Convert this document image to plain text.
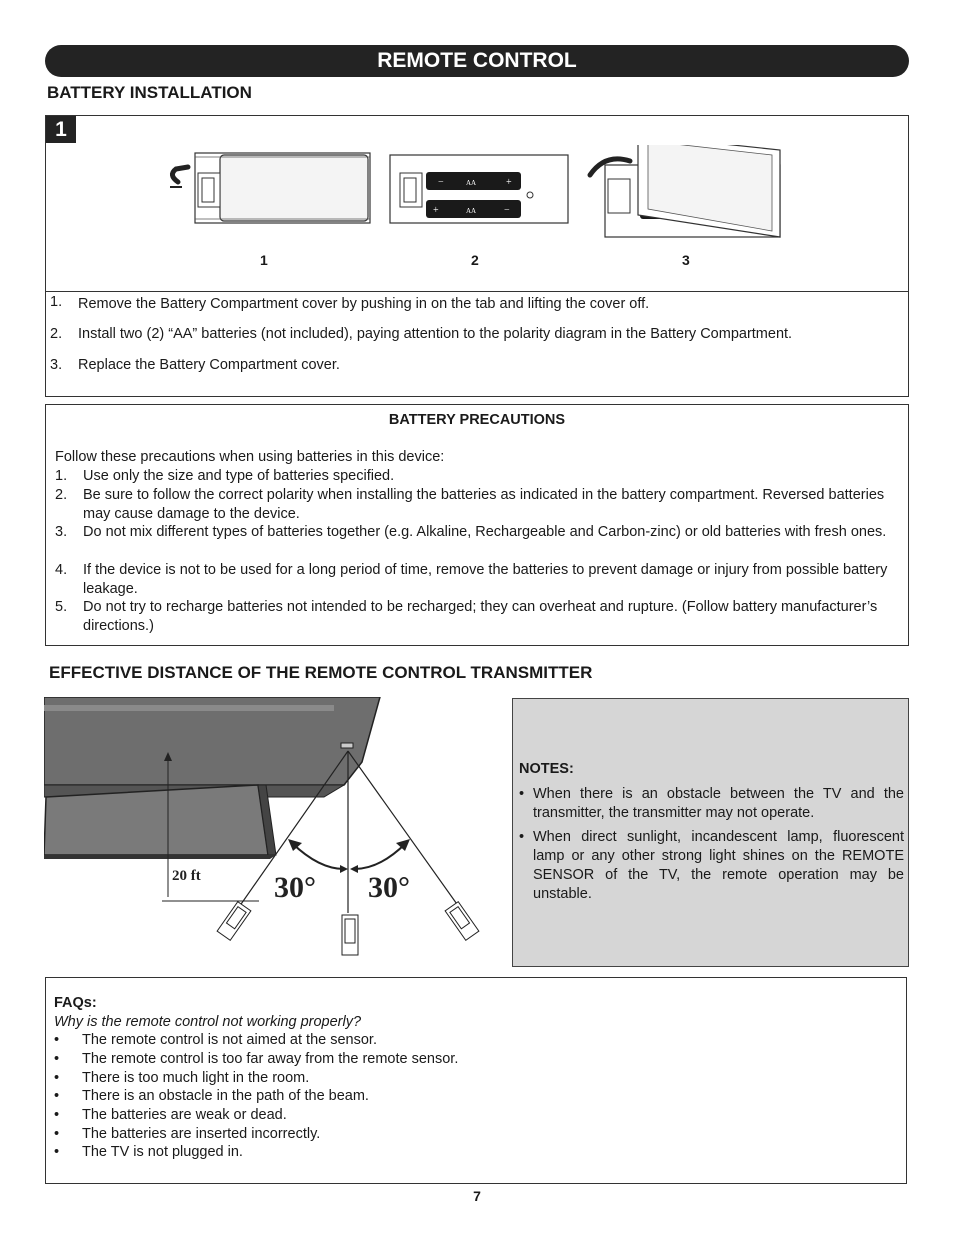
REMOTE CONTROL
BATTERY INSTALLATION
1
−	+
AA
+	AA	−
1	2	3
1. Remove the Battery Compartment cover by pushing in on the tab and lifting the cover off.
2. Install two (2) “AA” batteries (not included), paying attention to the polarity diagram in the Battery Compartment.
3. Replace the Battery Compartment cover.
BATTERY PRECAUTIONS
Follow these precautions when using batteries in this device:
1. Use only the size and type of batteries specified.
2. Be sure to follow the correct polarity when installing the batteries as indicated in the battery compartment. Reversed batteries may cause damage to the device.
3. Do not mix different types of batteries together (e.g. Alkaline, Rechargeable and Carbon-zinc) or old batteries with fresh ones.
4. If the device is not to be used for a long period of time, remove the batteries to prevent damage or injury from possible battery leakage.
5. Do not try to recharge batteries not intended to be recharged; they can overheat and rupture. (Follow battery manufacturer’s directions.)
EFFECTIVE DISTANCE OF THE REMOTE CONTROL TRANSMITTER
20 ft 30° 30°
NOTES:
• When there is an obstacle between the TV and the transmitter, the transmitter may not operate.
• When direct sunlight, incandescent lamp, fluorescent lamp or any other strong light shines on the REMOTE SENSOR of the TV, the remote operation may be unstable.
FAQs:
Why is the remote control not working properly?
• The remote control is not aimed at the sensor.
• The remote control is too far away from the remote sensor.
• There is too much light in the room.
• There is an obstacle in the path of the beam.
• The batteries are weak or dead.
• The batteries are inserted incorrectly.
• The TV is not plugged in.
7
